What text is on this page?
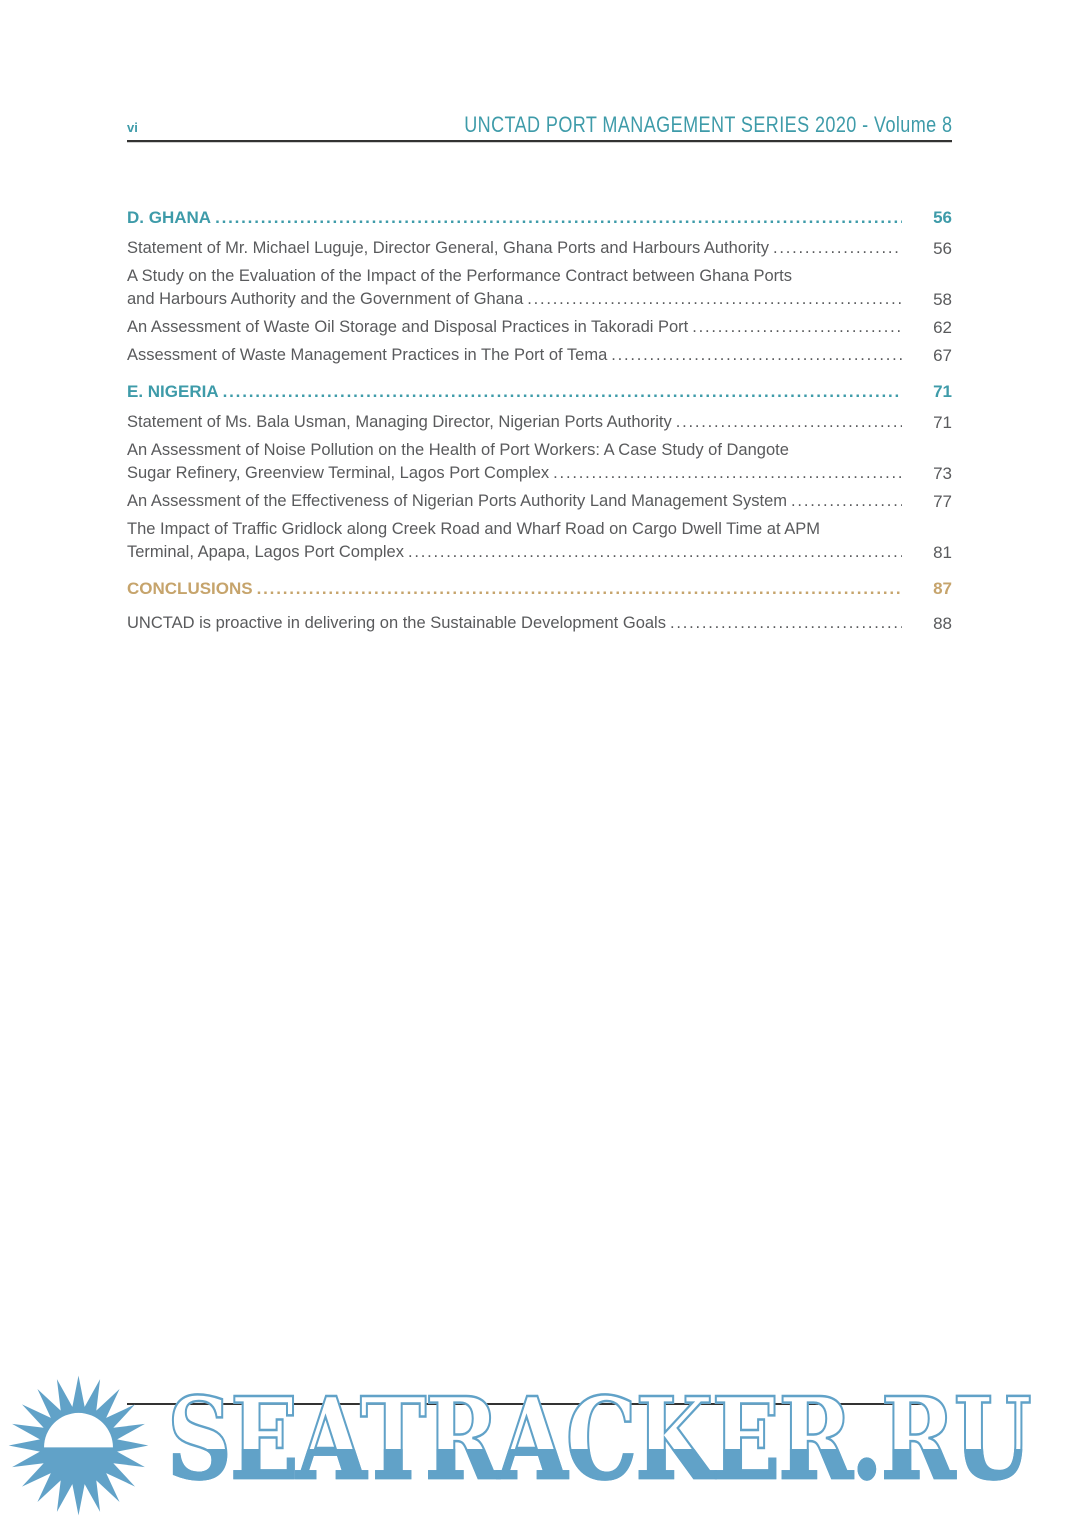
vi	UNCTAD PORT MANAGEMENT SERIES 2020 - Volume 8
D. GHANA .....	56
Statement of Mr. Michael Luguje, Director General, Ghana Ports and Harbours Authority .....	56
A Study on the Evaluation of the Impact of the Performance Contract between Ghana Ports
and Harbours Authority and the Government of Ghana .....	58
An Assessment of Waste Oil Storage and Disposal Practices in Takoradi Port .....	62
Assessment of Waste Management Practices in The Port of Tema .....	67
E. NIGERIA .....	71
Statement of Ms. Bala Usman, Managing Director, Nigerian Ports Authority .....	71
An Assessment of Noise Pollution on the Health of Port Workers: A Case Study of Dangote
Sugar Refinery, Greenview Terminal, Lagos Port Complex .....	73
An Assessment of the Effectiveness of Nigerian Ports Authority Land Management System .....	77
The Impact of Traffic Gridlock along Creek Road and Wharf Road on Cargo Dwell Time at APM
Terminal, Apapa, Lagos Port Complex .....	81
CONCLUSIONS .....	87
UNCTAD is proactive in delivering on the Sustainable Development Goals .....	88
SEATRACKER.RU
